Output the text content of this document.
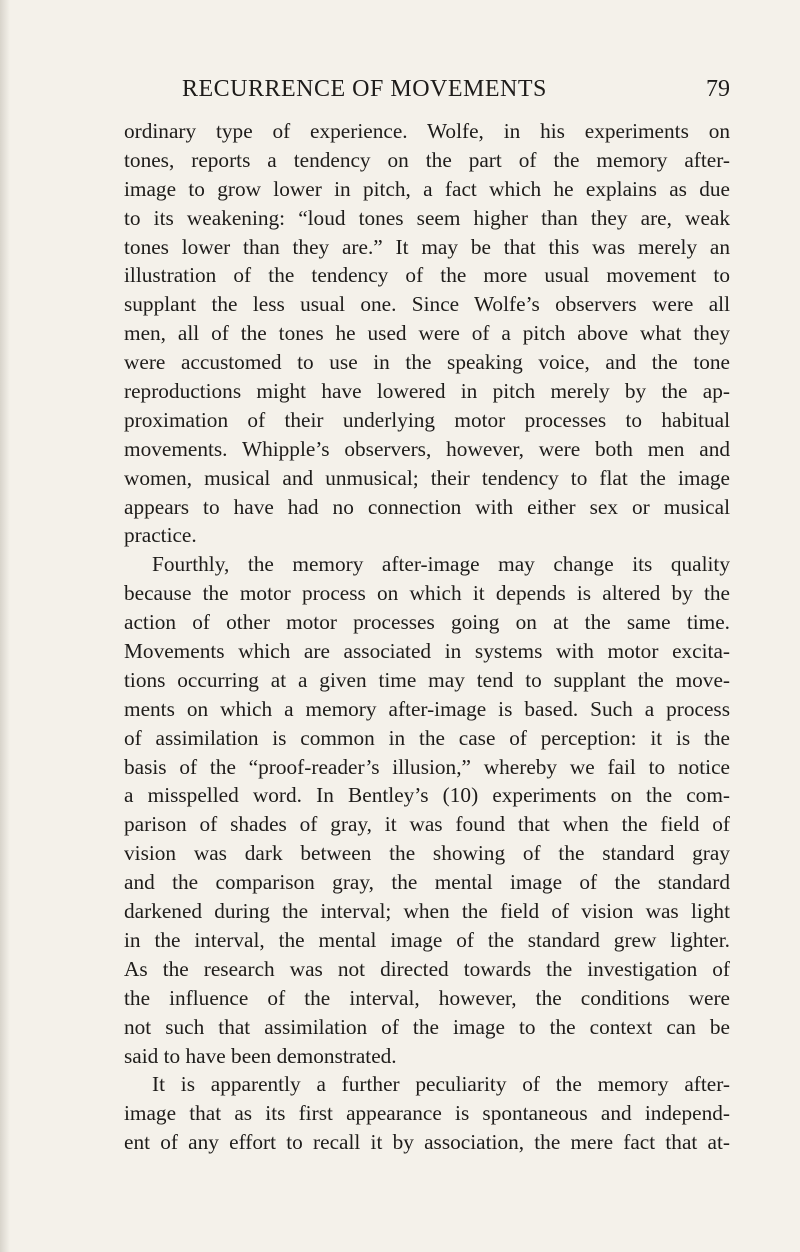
RECURRENCE OF MOVEMENTS	79
ordinary type of experience. Wolfe, in his experiments on
tones, reports a tendency on the part of the memory after-
image to grow lower in pitch, a fact which he explains as due
to its weakening: “loud tones seem higher than they are, weak
tones lower than they are.” It may be that this was merely an
illustration of the tendency of the more usual movement to
supplant the less usual one. Since Wolfe’s observers were all
men, all of the tones he used were of a pitch above what they
were accustomed to use in the speaking voice, and the tone
reproductions might have lowered in pitch merely by the ap-
proximation of their underlying motor processes to habitual
movements. Whipple’s observers, however, were both men and
women, musical and unmusical; their tendency to flat the image
appears to have had no connection with either sex or musical
practice.
Fourthly, the memory after-image may change its quality
because the motor process on which it depends is altered by the
action of other motor processes going on at the same time.
Movements which are associated in systems with motor excita-
tions occurring at a given time may tend to supplant the move-
ments on which a memory after-image is based. Such a process
of assimilation is common in the case of perception: it is the
basis of the “proof-reader’s illusion,” whereby we fail to notice
a misspelled word. In Bentley’s (10) experiments on the com-
parison of shades of gray, it was found that when the field of
vision was dark between the showing of the standard gray
and the comparison gray, the mental image of the standard
darkened during the interval; when the field of vision was light
in the interval, the mental image of the standard grew lighter.
As the research was not directed towards the investigation of
the influence of the interval, however, the conditions were
not such that assimilation of the image to the context can be
said to have been demonstrated.
It is apparently a further peculiarity of the memory after-
image that as its first appearance is spontaneous and independ-
ent of any effort to recall it by association, the mere fact that at-
